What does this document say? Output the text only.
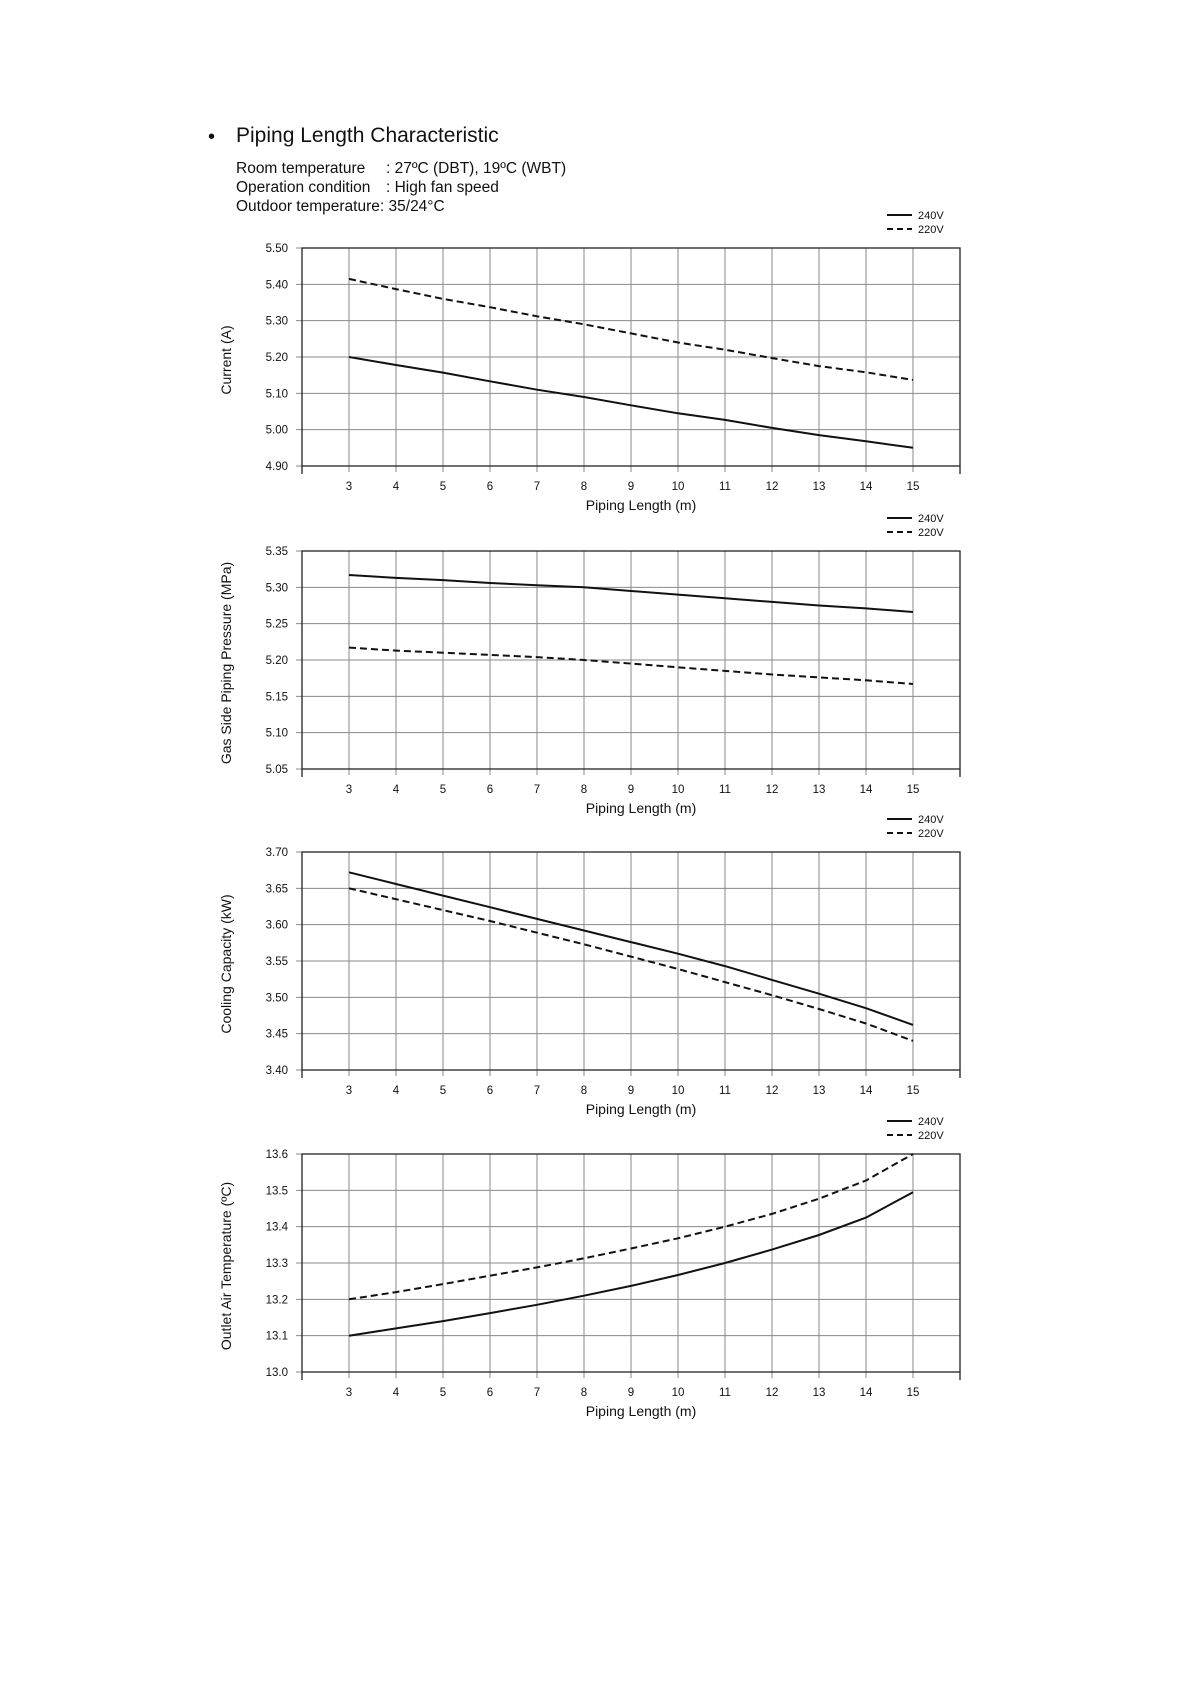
• Piping Length Characteristic
Room temperature : 27ºC (DBT), 19ºC (WBT)
Operation condition : High fan speed
Outdoor temperature: 35/24°C
3	4	5	6	7	8	9	10	11	12	13	14	15
4.90
5.00
5.10
5.20
5.30
5.40
5.50
Piping Length (m)
Current (A)
240V
220V
3	4	5	6	7	8	9	10	11	12	13	14	15
5.05
5.10
5.15
5.20
5.25
5.30
5.35
Piping Length (m)
Gas Side Piping Pressure (MPa)
240V
220V
3	4	5	6	7	8	9	10	11	12	13	14	15
3.40
3.45
3.50
3.55
3.60
3.65
3.70
Piping Length (m)
Cooling Capacity (kW)
240V
220V
3	4	5	6	7	8	9	10	11	12	13	14	15
13.0
13.1
13.2
13.3
13.4
13.5
13.6
Piping Length (m)
Outlet Air Temperature (ºC)
240V
220V
